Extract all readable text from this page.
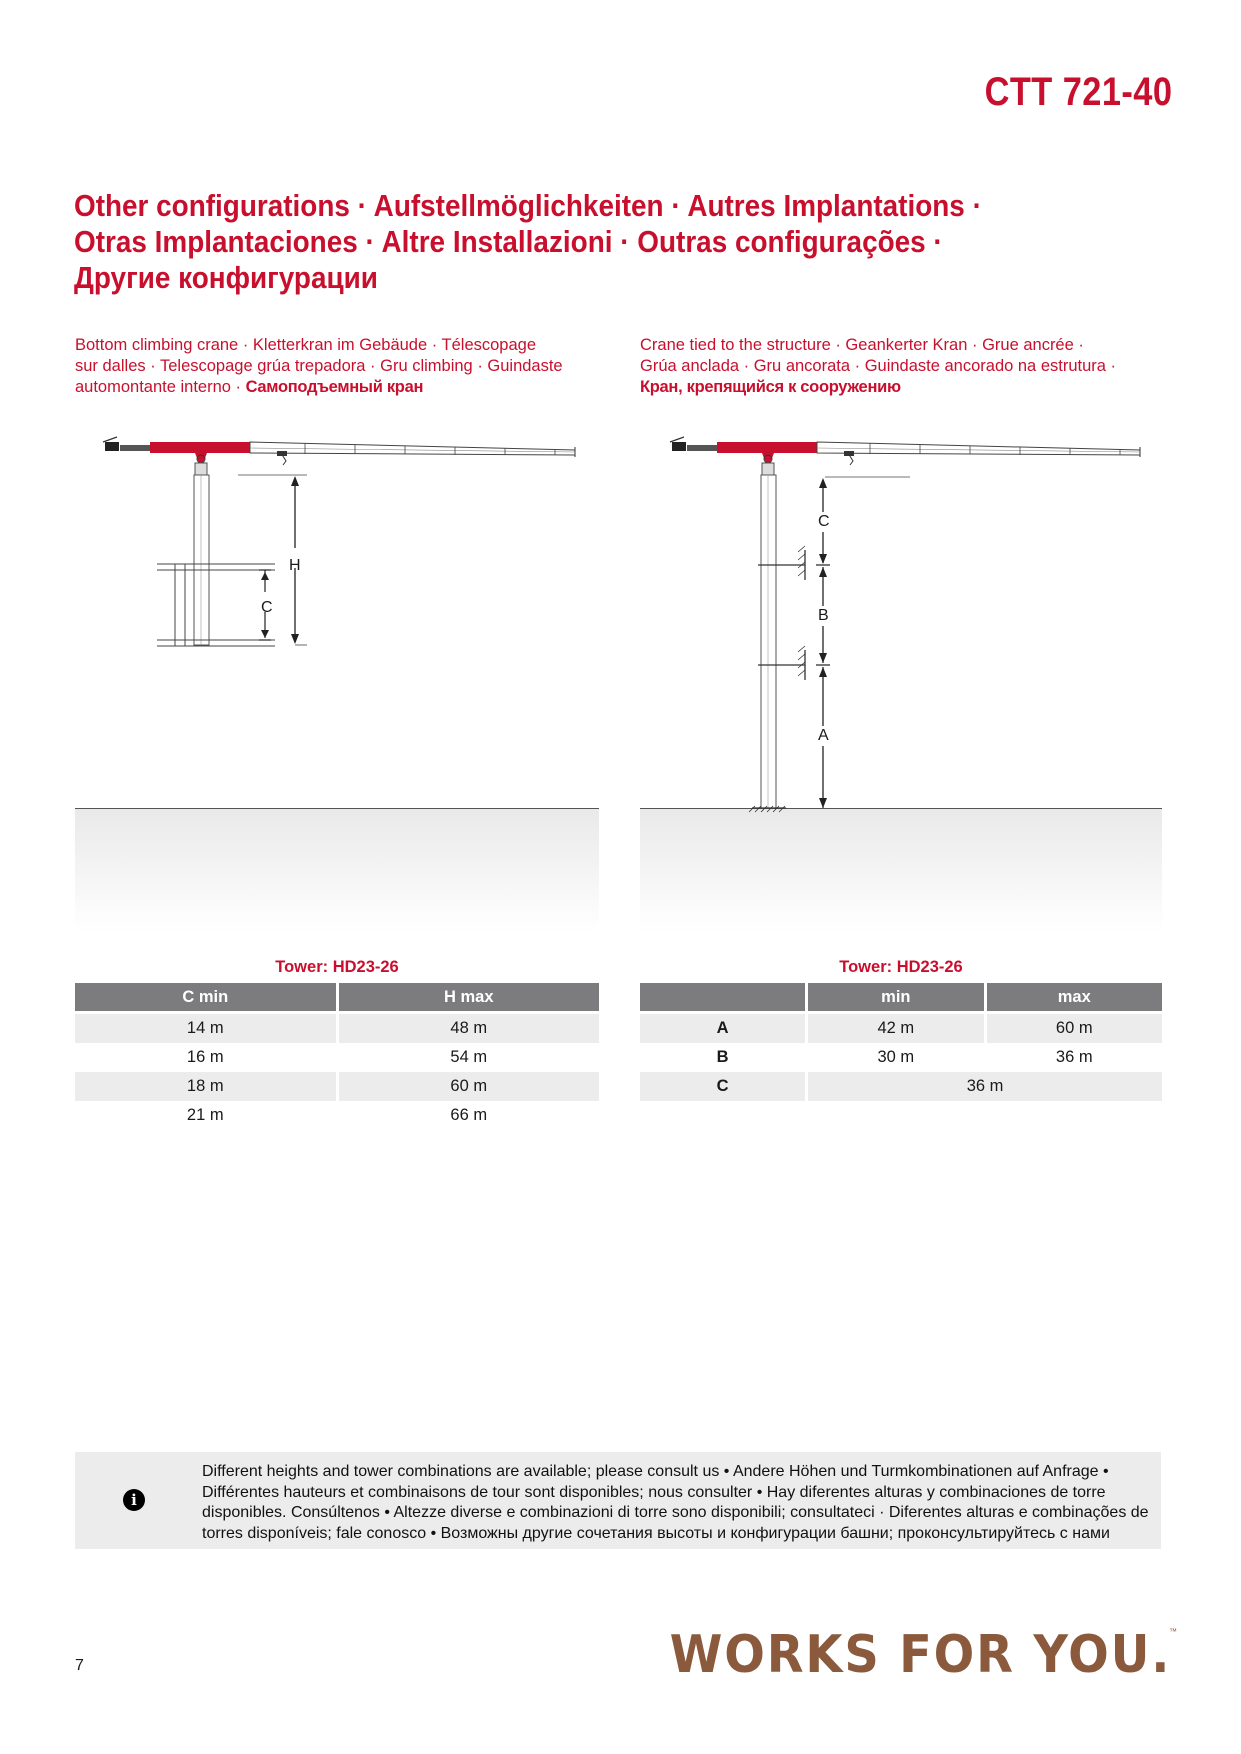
CTT 721-40
Other configurations · Aufstellmöglichkeiten · Autres Implantations ·
Otras Implantaciones · Altre Installazioni · Outras configurações ·
Другие конфигурации
Bottom climbing crane · Kletterkran im Gebäude · Télescopage
sur dalles · Telescopage grúa trepadora · Gru climbing · Guindaste
automontante interno · Самоподъемный кран
Crane tied to the structure · Geankerter Kran · Grue ancrée ·
Grúa anclada · Gru ancorata · Guindaste ancorado na estrutura ·
Кран, крепящийся к сооружению
H
C
C
B
A
Tower: HD23-26
C min	H max
14 m	48 m
16 m	54 m
18 m	60 m
21 m	66 m
Tower: HD23-26
	min	max
A	42 m	60 m
B	30 m	36 m
C	36 m	
i
Different heights and tower combinations are available; please consult us • Andere Höhen und Turmkombinationen auf Anfrage •
Différentes hauteurs et combinaisons de tour sont disponibles; nous consulter • Hay diferentes alturas y combinaciones de torre
disponibles. Consúltenos • Altezze diverse e combinazioni di torre sono disponibili; consultateci · Diferentes alturas e combinações de
torres disponíveis; fale conosco • Возможны другие сочетания высоты и конфигурации башни; проконсультируйтесь с нами
7	WORKS FOR YOU.
™
